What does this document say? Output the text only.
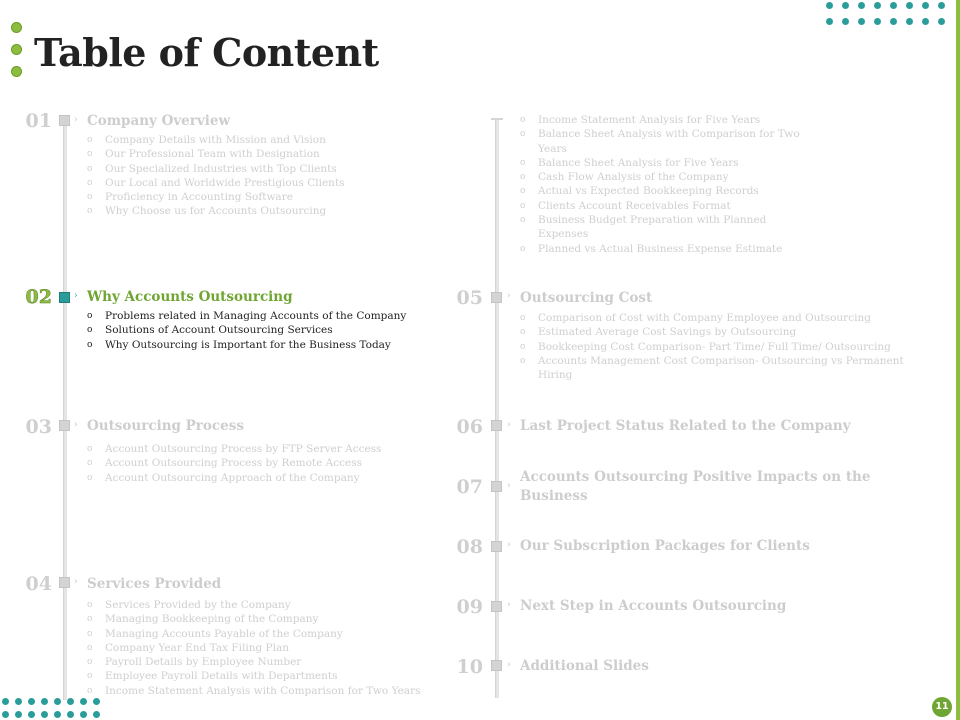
Table of Content
01 › Company Overview
o Company Details with Mission and Vision
o Our Professional Team with Designation
o Our Specialized Industries with Top Clients
o Our Local and Worldwide Prestigious Clients
o Proficiency in Accounting Software
o Why Choose us for Accounts Outsourcing
02 › Why Accounts Outsourcing
o Problems related in Managing Accounts of the Company
o Solutions of Account Outsourcing Services
o Why Outsourcing is Important for the Business Today
03 › Outsourcing Process
o Account Outsourcing Process by FTP Server Access
o Account Outsourcing Process by Remote Access
o Account Outsourcing Approach of the Company
04 › Services Provided
o Services Provided by the Company
o Managing Bookkeeping of the Company
o Managing Accounts Payable of the Company
o Company Year End Tax Filing Plan
o Payroll Details by Employee Number
o Employee Payroll Details with Departments
o Income Statement Analysis with Comparison for Two Years
o Income Statement Analysis for Five Years
o Balance Sheet Analysis with Comparison for Two Years
o Balance Sheet Analysis for Five Years
o Cash Flow Analysis of the Company
o Actual vs Expected Bookkeeping Records
o Clients Account Receivables Format
o Business Budget Preparation with Planned Expenses
o Planned vs Actual Business Expense Estimate
05	› Outsourcing Cost
o Comparison of Cost with Company Employee and Outsourcing
o Estimated Average Cost Savings by Outsourcing
o Bookkeeping Cost Comparison- Part Time/ Full Time/ Outsourcing
o Accounts Management Cost Comparison- Outsourcing vs Permanent Hiring
06	› Last Project Status Related to the Company
07	›
Accounts Outsourcing Positive Impacts on the Business
08	› Our Subscription Packages for Clients
09	› Next Step in Accounts Outsourcing
10	› Additional Slides
11
